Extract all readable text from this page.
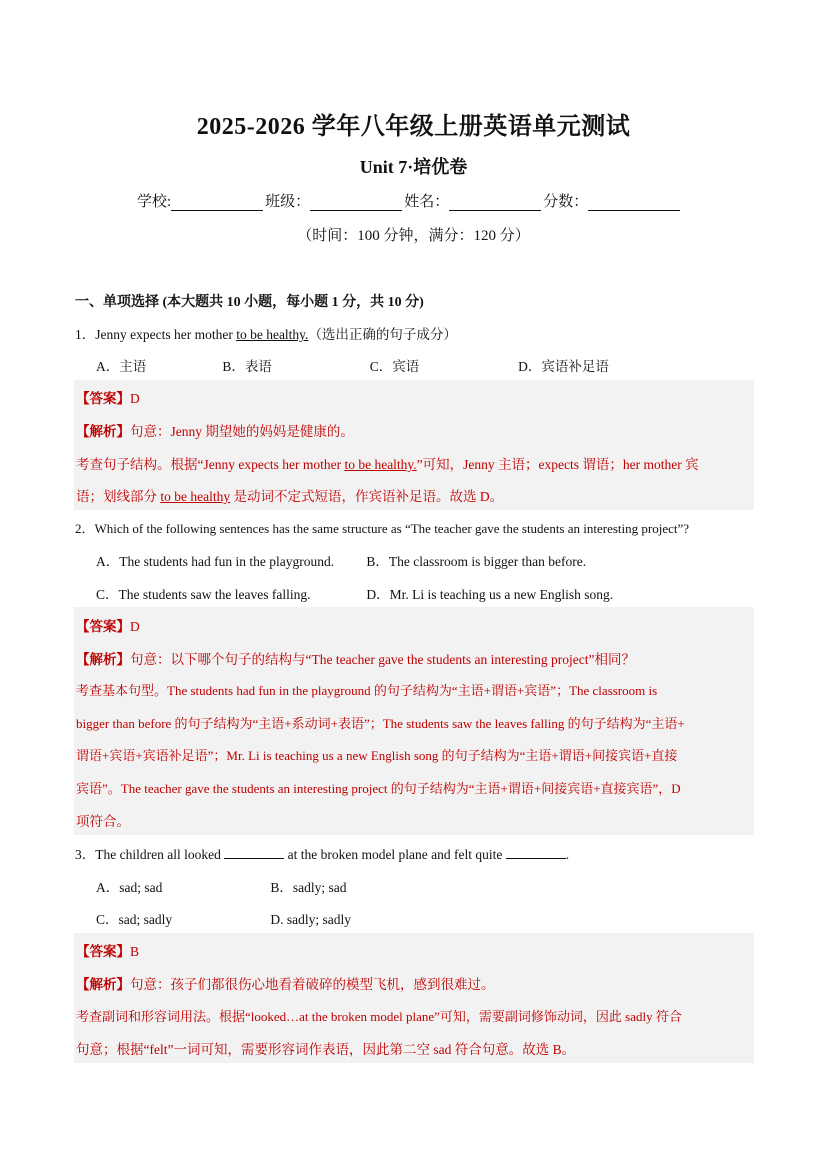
2025-2026 学年八年级上册英语单元测试
Unit 7·培优卷
学校:	班级：	姓名：	分数：
（时间：100 分钟，满分：120 分）
一、单项选择 (本大题共 10 小题，每小题 1 分，共 10 分)
1．Jenny expects her mother to be healthy.（选出正确的句子成分）
A．主语	B．表语	C．宾语	D．宾语补足语
【答案】D
【解析】句意：Jenny 期望她的妈妈是健康的。
考查句子结构。根据“Jenny expects her mother to be healthy.”可知，Jenny 主语；expects 谓语；her mother 宾
语；划线部分 to be healthy 是动词不定式短语，作宾语补足语。故选 D。
2．Which of the following sentences has the same structure as “The teacher gave the students an interesting project”?
A．The students had fun in the playground. B．The classroom is bigger than before.
C．The students saw the leaves falling.	D．Mr. Li is teaching us a new English song.
【答案】D
【解析】句意：以下哪个句子的结构与“The teacher gave the students an interesting project”相同？
考查基本句型。The students had fun in the playground 的句子结构为“主语+谓语+宾语”；The classroom is
bigger than before 的句子结构为“主语+系动词+表语”；The students saw the leaves falling 的句子结构为“主语+
谓语+宾语+宾语补足语”；Mr. Li is teaching us a new English song 的句子结构为“主语+谓语+间接宾语+直接
宾语”。The teacher gave the students an interesting project 的句子结构为“主语+谓语+间接宾语+直接宾语”，D
项符合。
3．The children all looked	at the broken model plane and felt quite	.
A．sad; sad	B．sadly; sad
C．sad; sadly	D. sadly; sadly
【答案】B
【解析】句意：孩子们都很伤心地看着破碎的模型飞机，感到很难过。
考查副词和形容词用法。根据“looked…at the broken model plane”可知，需要副词修饰动词，因此 sadly 符合
句意；根据“felt”一词可知，需要形容词作表语，因此第二空 sad 符合句意。故选 B。
